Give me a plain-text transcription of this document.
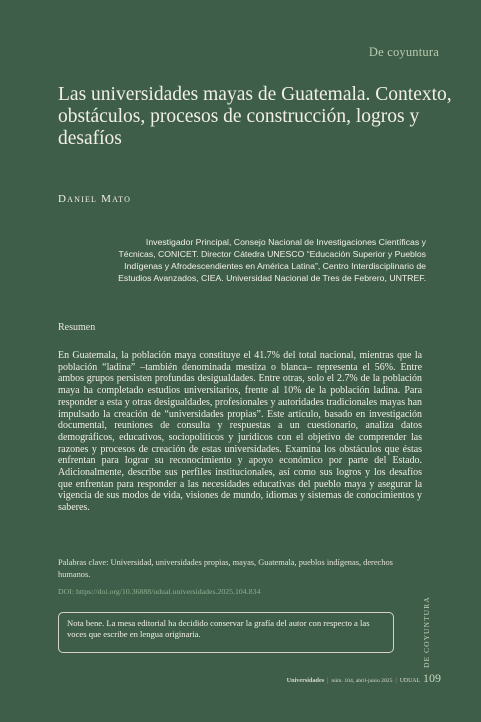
De coyuntura
Las universidades mayas de Guatemala. Contexto, obstáculos, procesos de construcción, logros y desafíos
Daniel Mato
Investigador Principal, Consejo Nacional de Investigaciones Científicas y Técnicas, CONICET. Director Cátedra UNESCO “Educación Superior y Pueblos Indígenas y Afrodescendientes en América Latina”, Centro Interdisciplinario de Estudios Avanzados, CIEA. Universidad Nacional de Tres de Febrero, UNTREF.
Resumen

En Guatemala, la población maya constituye el 41.7% del total nacional, mientras que la población “ladina” –también denominada mestiza o blanca– representa el 56%. Entre ambos grupos persisten profundas desigualdades. Entre otras, solo el 2.7% de la población maya ha completado estudios universitarios, frente al 10% de la población ladina. Para responder a esta y otras desigualdades, profesionales y autoridades tradicionales mayas han impulsado la creación de “universidades propias”. Este artículo, basado en investigación documental, reuniones de consulta y respuestas a un cuestionario, analiza datos demográficos, educativos, sociopolíticos y jurídicos con el objetivo de comprender las razones y procesos de creación de estas universidades. Examina los obstáculos que éstas enfrentan para lograr su reconocimiento y apoyo económico por parte del Estado. Adicionalmente, describe sus perfiles institucionales, así como sus logros y los desafíos que enfrentan para responder a las necesidades educativas del pueblo maya y asegurar la vigencia de sus modos de vida, visiones de mundo, idiomas y sistemas de conocimientos y saberes.

Palabras clave: Universidad, universidades propias, mayas, Guatemala, pueblos indígenas, derechos humanos.

DOI: https://doi.org/10.36888/udual.universidades.2025.104.834
Nota bene. La mesa editorial ha decidido conservar la grafía del autor con respecto a las voces que escribe en lengua originaria.	DE COYUNTURA
Universidades | núm. 104, abril-junio 2025 | UDUAL 109
